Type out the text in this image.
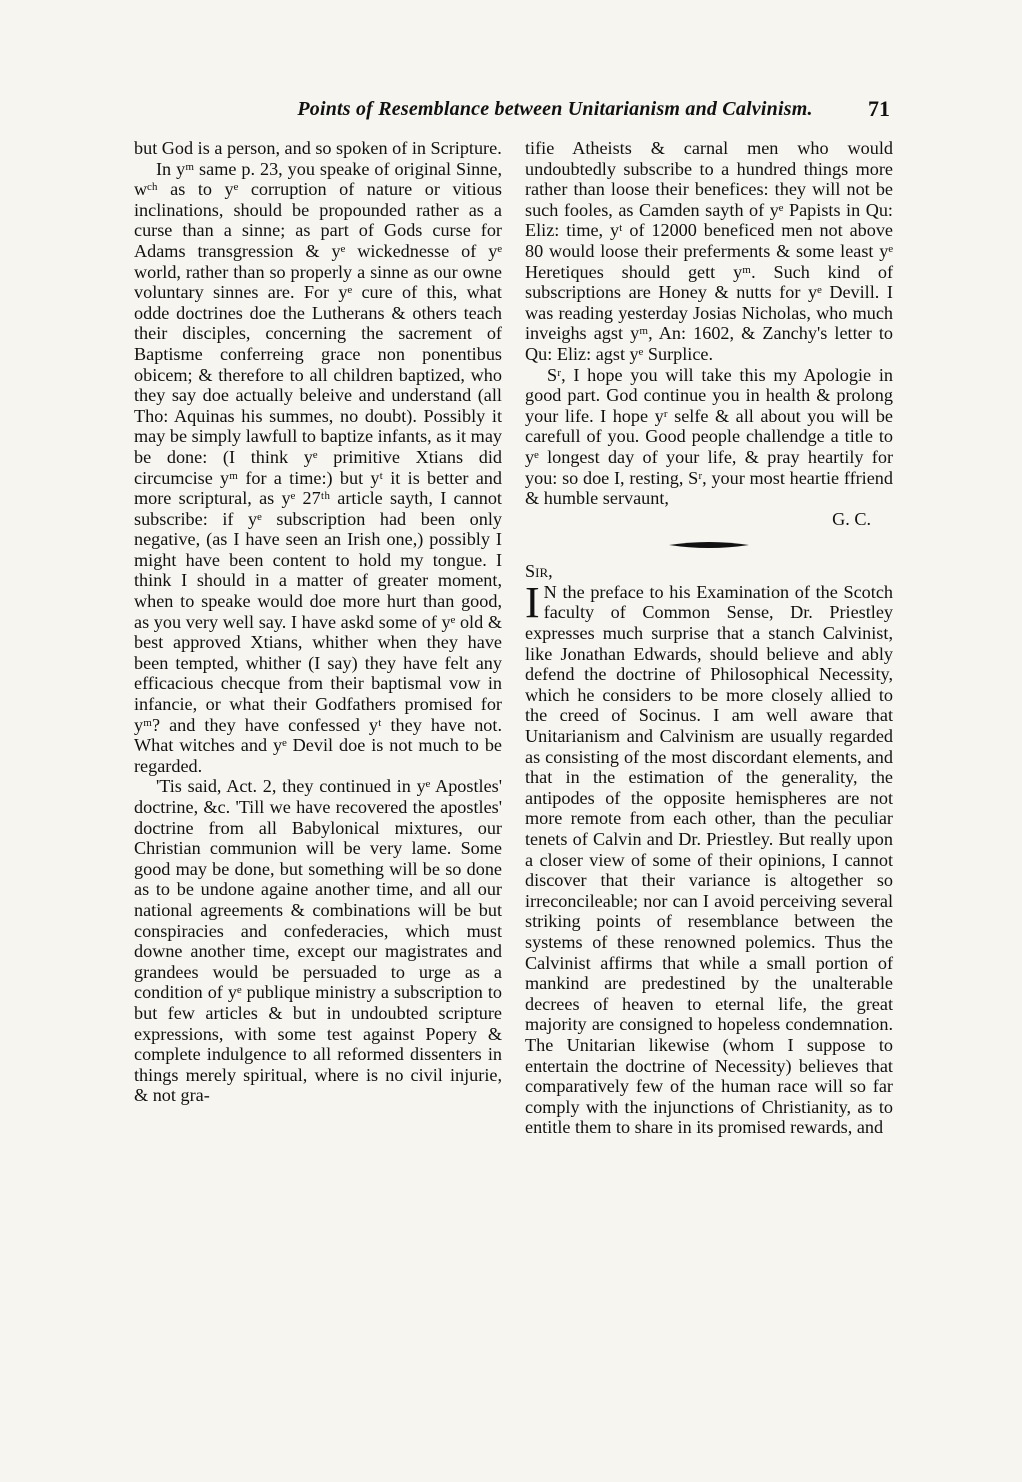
Points of Resemblance between Unitarianism and Calvinism.	71

but God is a person, and so spoken of in Scripture.

In yᵐ same p. 23, you speake of original Sinne, wᶜʰ as to yᵉ corruption of nature or vitious inclinations, should be propounded rather as a curse than a sinne; as part of Gods curse for Adams transgression & yᵉ wickednesse of yᵉ world, rather than so properly a sinne as our owne voluntary sinnes are. For yᵉ cure of this, what odde doctrines doe the Lutherans & others teach their disciples, concerning the sacrement of Baptisme conferreing grace non ponentibus obicem; & therefore to all children baptized, who they say doe actually beleive and understand (all Tho: Aquinas his summes, no doubt). Possibly it may be simply lawfull to baptize infants, as it may be done: (I think yᵉ primitive Xtians did circumcise yᵐ for a time:) but yᵗ it is better and more scriptural, as yᵉ 27ᵗʰ article sayth, I cannot subscribe: if yᵉ subscription had been only negative, (as I have seen an Irish one,) possibly I might have been content to hold my tongue. I think I should in a matter of greater moment, when to speake would doe more hurt than good, as you very well say. I have askd some of yᵉ old & best approved Xtians, whither when they have been tempted, whither (I say) they have felt any efficacious checque from their baptismal vow in infancie, or what their Godfathers promised for yᵐ? and they have confessed yᵗ they have not. What witches and yᵉ Devil doe is not much to be regarded.

'Tis said, Act. 2, they continued in yᵉ Apostles' doctrine, &c. 'Till we have recovered the apostles' doctrine from all Babylonical mixtures, our Christian communion will be very lame. Some good may be done, but something will be so done as to be undone againe another time, and all our national agreements & combinations will be but conspiracies and confederacies, which must downe another time, except our magistrates and grandees would be persuaded to urge as a condition of yᵉ publique ministry a subscription to but few articles & but in undoubted scripture expressions, with some test against Popery & complete indulgence to all reformed dissenters in things merely spiritual, where is no civil injurie, & not gra-

tifie Atheists & carnal men who would undoubtedly subscribe to a hundred things more rather than loose their benefices: they will not be such fooles, as Camden sayth of yᵉ Papists in Qu: Eliz: time, yᵗ of 12000 beneficed men not above 80 would loose their preferments & some least yᵉ Heretiques should gett yᵐ. Such kind of subscriptions are Honey & nutts for yᵉ Devill. I was reading yesterday Josias Nicholas, who much inveighs agst yᵐ, An: 1602, & Zanchy's letter to Qu: Eliz: agst yᵉ Surplice.

Sʳ, I hope you will take this my Apologie in good part. God continue you in health & prolong your life. I hope yʳ selfe & all about you will be carefull of you. Good people challendge a title to yᵉ longest day of your life, & pray heartily for you: so doe I, resting, Sʳ, your most heartie ffriend & humble servaunt,

G. C.

Sir,

I N the preface to his Examination of the Scotch faculty of Common Sense, Dr. Priestley expresses much surprise that a stanch Calvinist, like Jonathan Edwards, should believe and ably defend the doctrine of Philosophical Necessity, which he considers to be more closely allied to the creed of Socinus. I am well aware that Unitarianism and Calvinism are usually regarded as consisting of the most discordant elements, and that in the estimation of the generality, the antipodes of the opposite hemispheres are not more remote from each other, than the peculiar tenets of Calvin and Dr. Priestley. But really upon a closer view of some of their opinions, I cannot discover that their variance is altogether so irreconcileable; nor can I avoid perceiving several striking points of resemblance between the systems of these renowned polemics. Thus the Calvinist affirms that while a small portion of mankind are predestined by the unalterable decrees of heaven to eternal life, the great majority are consigned to hopeless condemnation. The Unitarian likewise (whom I suppose to entertain the doctrine of Necessity) believes that comparatively few of the human race will so far comply with the injunctions of Christianity, as to entitle them to share in its promised rewards, and
